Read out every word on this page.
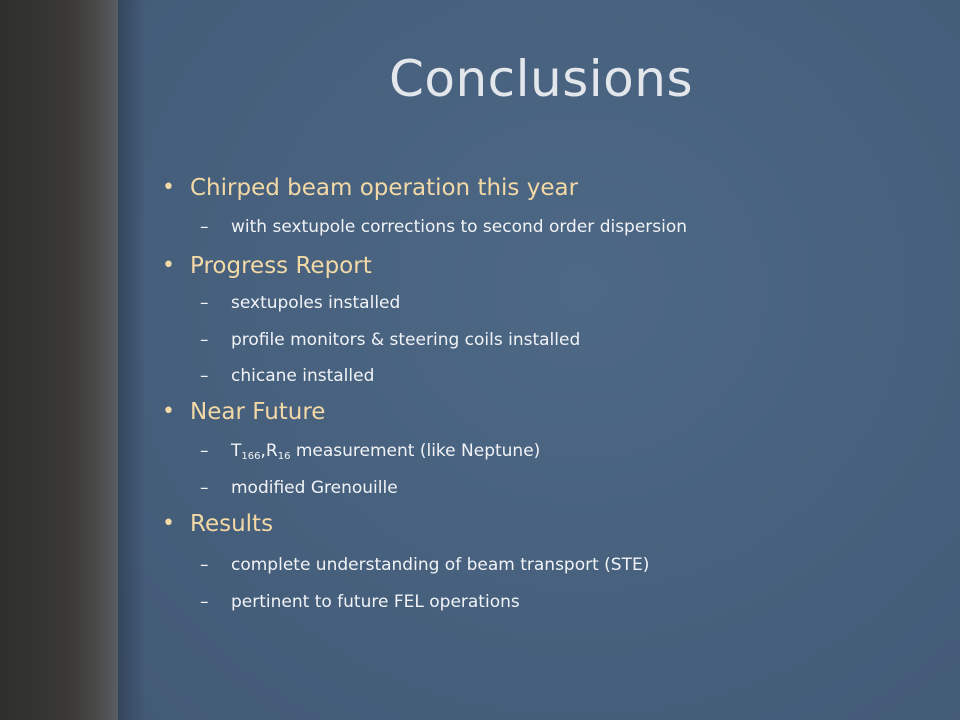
Conclusions
• Chirped beam operation this year
– with sextupole corrections to second order dispersion
• Progress Report
– sextupoles installed
– profile monitors & steering coils installed
– chicane installed
• Near Future
– $T_{166},R_{16}$ measurement (like Neptune)
– modified Grenouille
• Results
– complete understanding of beam transport (STE)
– pertinent to future FEL operations
